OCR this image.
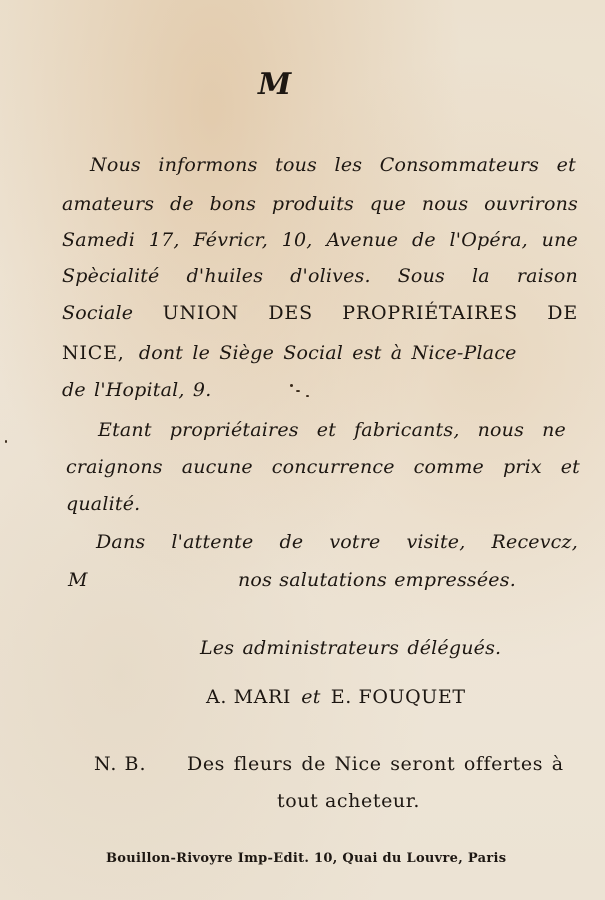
M
Nous informons tous les Consommateurs et
amateurs de bons produits que nous ouvrirons
Samedi 17, Févricr, 10, Avenue de l'Opéra, une
Spècialité d'huiles d'olives. Sous la raison
Sociale UNION DES PROPRIÉTAIRES DE
NICE, dont le Siège Social est à Nice-Place
de l'Hopital, 9.
Etant propriétaires et fabricants, nous ne
craignons aucune concurrence comme prix et
qualité.
Dans l'attente de votre visite, Recevcz,
M	nos salutations empressées.
Les administrateurs délégués.
A. MARI et E. FOUQUET
N. B. Des fleurs de Nice seront offertes à
tout acheteur.
Bouillon-Rivoyre Imp-Edit. 10, Quai du Louvre, Paris
